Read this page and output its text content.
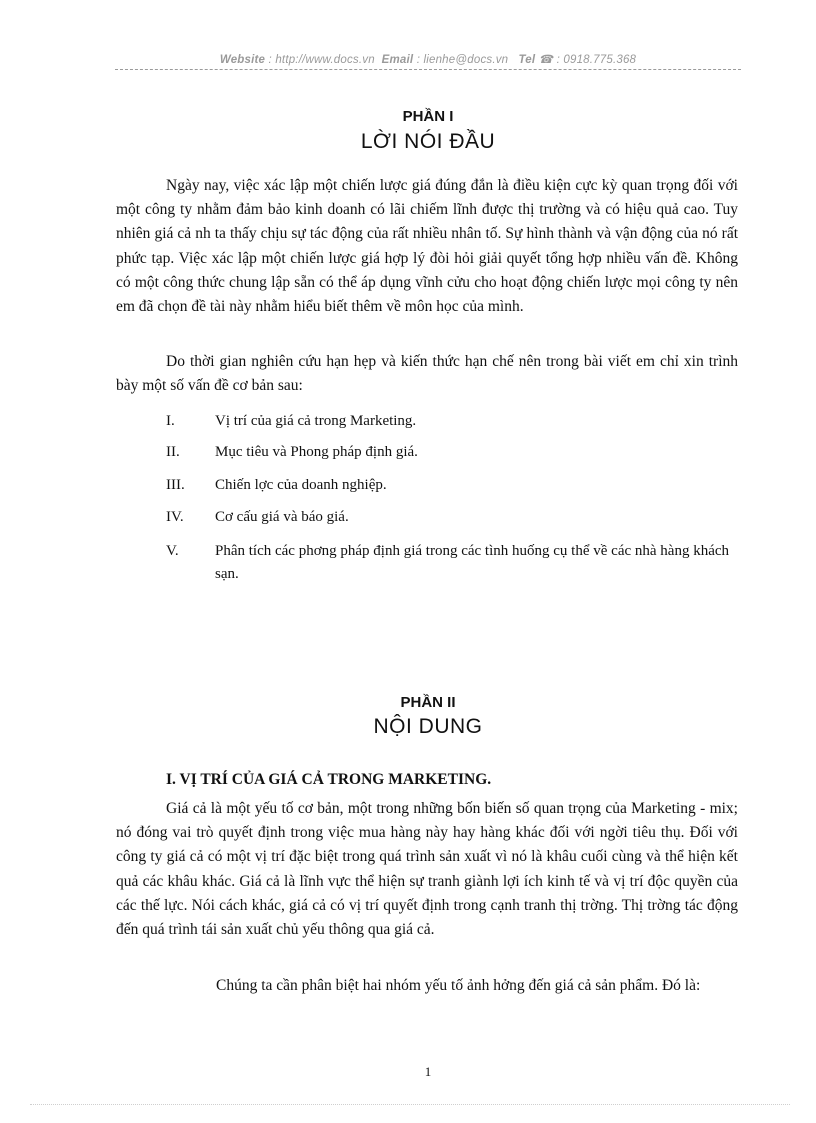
Website : http://www.docs.vn Email : lienhe@docs.vn Tel ☎ : 0918.775.368
PHẦN I
LỜI NÓI ĐẦU

Ngày nay, việc xác lập một chiến lược giá đúng đắn là điều kiện cực kỳ quan trọng đối với một công ty nhằm đảm bảo kinh doanh có lãi chiếm lĩnh được thị trường và có hiệu quả cao. Tuy nhiên giá cả nh ta thấy chịu sự tác động của rất nhiều nhân tố. Sự hình thành và vận động của nó rất phức tạp. Việc xác lập một chiến lược giá hợp lý đòi hỏi giải quyết tổng hợp nhiều vấn đề. Không có một công thức chung lập sẵn có thể áp dụng vĩnh cửu cho hoạt động chiến lược mọi công ty nên em đã chọn đề tài này nhằm hiểu biết thêm về môn học của mình.

Do thời gian nghiên cứu hạn hẹp và kiến thức hạn chế nên trong bài viết em chỉ xin trình bày một số vấn đề cơ bản sau:

I.	Vị trí của giá cả trong Marketing.
II. Mục tiêu và Phong pháp định giá.
III. Chiến lợc của doanh nghiệp.
IV. Cơ cấu giá và báo giá.
V. Phân tích các phơng pháp định giá trong các tình huống cụ thể về các nhà hàng khách sạn.
PHẦN II
NỘI DUNG
I. VỊ TRÍ CỦA GIÁ CẢ TRONG MARKETING.

Giá cả là một yếu tố cơ bản, một trong những bốn biến số quan trọng của Marketing - mix; nó đóng vai trò quyết định trong việc mua hàng này hay hàng khác đối với ngời tiêu thụ. Đối với công ty giá cả có một vị trí đặc biệt trong quá trình sản xuất vì nó là khâu cuối cùng và thể hiện kết quả các khâu khác. Giá cả là lĩnh vực thể hiện sự tranh giành lợi ích kinh tế và vị trí độc quyền của các thế lực. Nói cách khác, giá cả có vị trí quyết định trong cạnh tranh thị trờng. Thị trờng tác động đến quá trình tái sản xuất chủ yếu thông qua giá cả.

Chúng ta cần phân biệt hai nhóm yếu tố ảnh hởng đến giá cả sản phẩm. Đó là:

1
